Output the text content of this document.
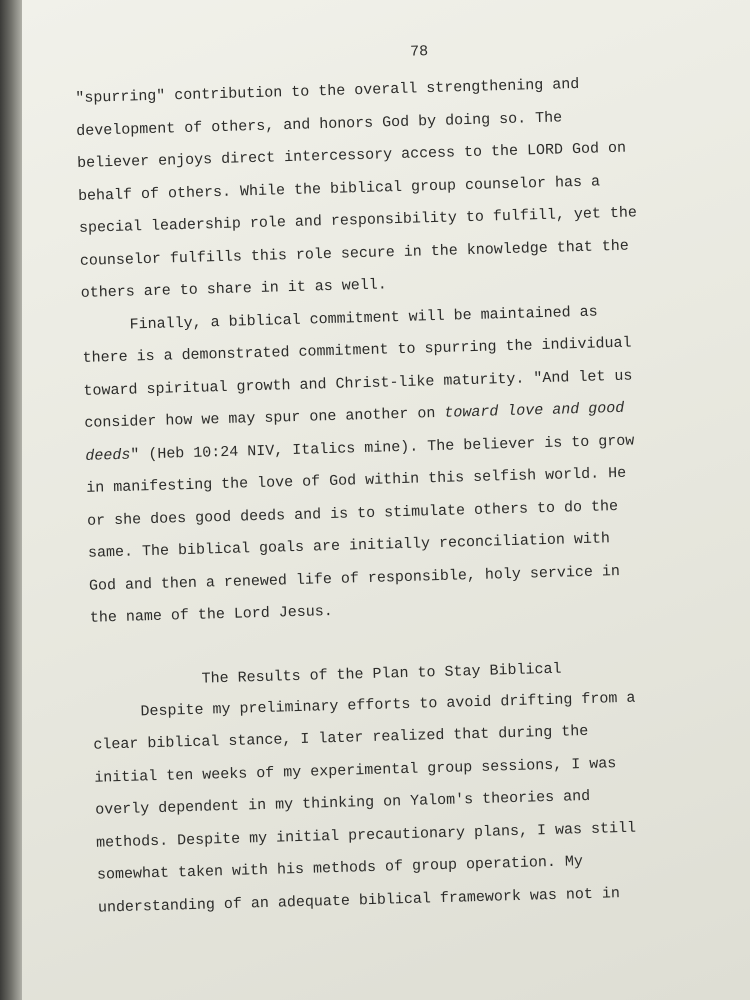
78
"spurring" contribution to the overall strengthening and
development of others, and honors God by doing so. The
believer enjoys direct intercessory access to the LORD God on
behalf of others. While the biblical group counselor has a
special leadership role and responsibility to fulfill, yet the
counselor fulfills this role secure in the knowledge that the
others are to share in it as well.
Finally, a biblical commitment will be maintained as
there is a demonstrated commitment to spurring the individual
toward spiritual growth and Christ-like maturity. "And let us
consider how we may spur one another on toward love and good
deeds" (Heb 10:24 NIV, Italics mine). The believer is to grow
in manifesting the love of God within this selfish world. He
or she does good deeds and is to stimulate others to do the
same. The biblical goals are initially reconciliation with
God and then a renewed life of responsible, holy service in
the name of the Lord Jesus.
The Results of the Plan to Stay Biblical
Despite my preliminary efforts to avoid drifting from a
clear biblical stance, I later realized that during the
initial ten weeks of my experimental group sessions, I was
overly dependent in my thinking on Yalom's theories and
methods. Despite my initial precautionary plans, I was still
somewhat taken with his methods of group operation. My
understanding of an adequate biblical framework was not in
